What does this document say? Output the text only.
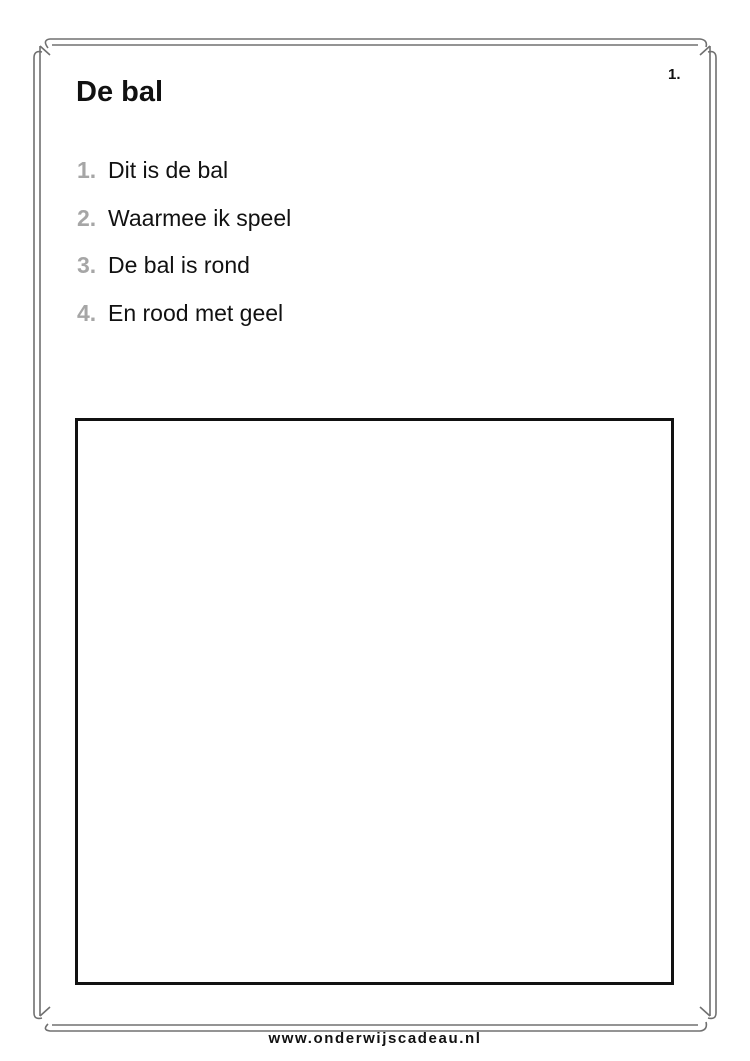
De bal
1.
1. Dit is de bal
2. Waarmee ik speel
3. De bal is rond
4. En rood met geel
www.onderwijscadeau.nl
